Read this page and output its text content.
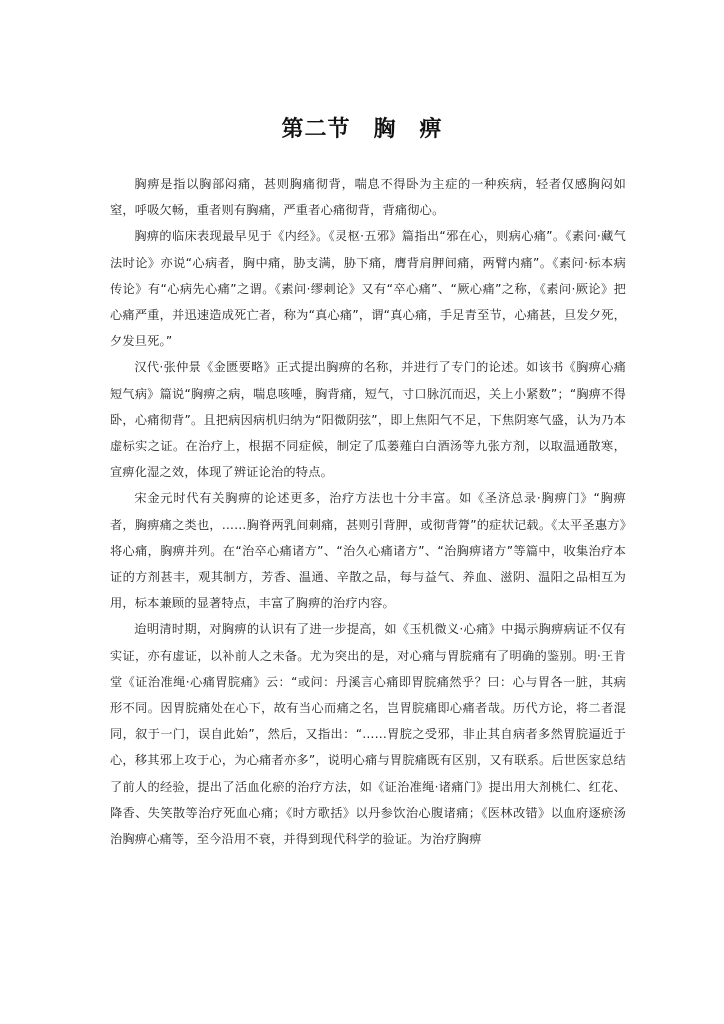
第二节　胸　痹

胸痹是指以胸部闷痛，甚则胸痛彻背，喘息不得卧为主症的一种疾病，轻者仅感胸闷如窒，呼吸欠畅，重者则有胸痛，严重者心痛彻背，背痛彻心。

胸痹的临床表现最早见于《内经》。《灵枢·五邪》篇指出“邪在心，则病心痛”。《素问·藏气法时论》亦说“心病者，胸中痛，胁支满，胁下痛，膺背肩胛间痛，两臂内痛”。《素问·标本病传论》有“心病先心痛”之谓。《素问·缪刺论》又有“卒心痛”、“厥心痛”之称，《素问·厥论》把心痛严重，并迅速造成死亡者，称为“真心痛”，谓“真心痛，手足青至节，心痛甚，旦发夕死，夕发旦死。”

汉代·张仲景《金匮要略》正式提出胸痹的名称，并进行了专门的论述。如该书《胸痹心痛短气病》篇说“胸痹之病，喘息咳唾，胸背痛，短气，寸口脉沉而迟，关上小紧数”；“胸痹不得卧，心痛彻背”。且把病因病机归纳为“阳微阴弦”，即上焦阳气不足，下焦阴寒气盛，认为乃本虚标实之证。在治疗上，根据不同症候，制定了瓜蒌薤白白酒汤等九张方剂，以取温通散寒，宣痹化湿之效，体现了辨证论治的特点。

宋金元时代有关胸痹的论述更多，治疗方法也十分丰富。如《圣济总录·胸痹门》“胸痹者，胸痹痛之类也，……胸脊两乳间刺痛，甚则引背胛，或彻背膂”的症状记载。《太平圣惠方》将心痛，胸痹并列。在“治卒心痛诸方”、“治久心痛诸方”、“治胸痹诸方”等篇中，收集治疗本证的方剂甚丰，观其制方，芳香、温通、辛散之品，每与益气、养血、滋阴、温阳之品相互为用，标本兼顾的显著特点，丰富了胸痹的治疗内容。

迨明清时期，对胸痹的认识有了进一步提高，如《玉机微义·心痛》中揭示胸痹病证不仅有实证，亦有虚证，以补前人之未备。尤为突出的是，对心痛与胃脘痛有了明确的鉴别。明·王肯堂《证治准绳·心痛胃脘痛》云：“或问：丹溪言心痛即胃脘痛然乎？曰：心与胃各一脏，其病形不同。因胃脘痛处在心下，故有当心而痛之名，岂胃脘痛即心痛者哉。历代方论，将二者混同，叙于一门，误自此始”，然后，又指出：“……胃脘之受邪，非止其自病者多然胃脘逼近于心，移其邪上攻于心，为心痛者亦多”，说明心痛与胃脘痛既有区别，又有联系。后世医家总结了前人的经验，提出了活血化瘀的治疗方法，如《证治准绳·诸痛门》提出用大剂桃仁、红花、降香、失笑散等治疗死血心痛；《时方歌括》以丹参饮治心腹诸痛；《医林改错》以血府逐瘀汤治胸痹心痛等，至今沿用不衰，并得到现代科学的验证。为治疗胸痹
